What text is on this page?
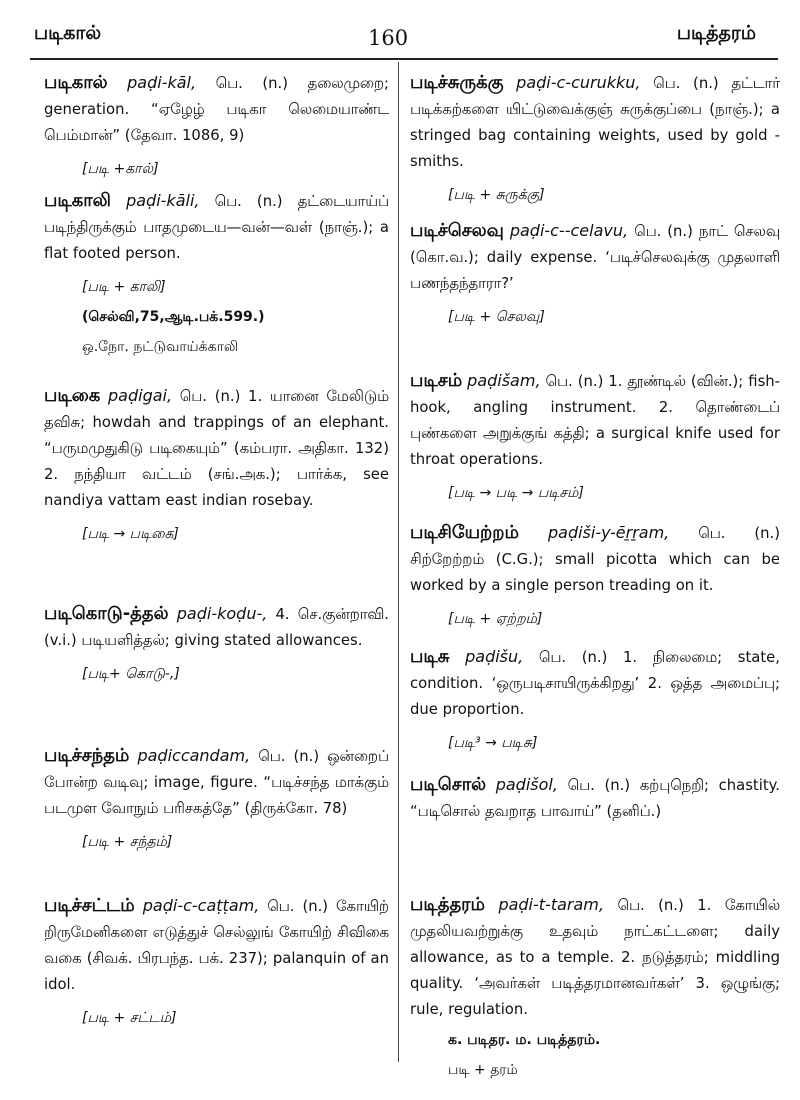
படிகால்	160	படித்தரம்
படிகால் paḍi-kāl, பெ. (n.) தலைமுறை; generation. “ஏழேழ் படிகா லெமையாண்ட பெம்மான்” (தேவா. 1086, 9)
[படி +கால்]
படிகாலி paḍi-kāli, பெ. (n.) தட்டையாய்ப் படிந்திருக்கும் பாதமுடைய—வன்—வள் (நாஞ்.); a flat footed person.
[படி + காலி]
(செல்வி,75,ஆடி.பக்.599.)
ஒ.நோ. நட்டுவாய்க்காலி
படிகை paḍigai, பெ. (n.) 1. யானை மேலிடும் தவிசு; howdah and trappings of an elephant. “பருமமுதுகிடு படிகையும்” (கம்பரா. அதிகா. 132) 2. நந்தியா வட்டம் (சங்.அக.); பார்க்க, see nandiya vattam east indian rosebay.
[படி → படிகை]
படிகொடு-த்தல் paḍi-koḍu-, 4. செ.குன்றாவி. (v.i.) படியளித்தல்; giving stated allowances.
[படி+ கொடு-,]
படிச்சந்தம் paḍiccandam, பெ. (n.) ஒன்றைப் போன்ற வடிவு; image, figure. “படிச்சந்த மாக்கும் படமுள வோநும் பரிசகத்தே” (திருக்கோ. 78)
[படி + சந்தம்]
படிச்சட்டம் paḍi-c-caṭṭam, பெ. (n.) கோயிற் றிருமேனிகளை எடுத்துச் செல்லுங் கோயிற் சிவிகை வகை (சிவக். பிரபந்த. பக். 237); palanquin of an idol.
[படி + சட்டம்]
படிச்சுருக்கு paḍi-c-curukku, பெ. (n.) தட்டார் படிக்கற்களை யிட்டுவைக்குஞ் சுருக்குப்பை (நாஞ்.); a stringed bag containing weights, used by gold - smiths.
[படி + சுருக்கு]
படிச்செலவு paḍi-c--celavu, பெ. (n.) நாட் செலவு (கொ.வ.); daily expense. ‘படிச்செலவுக்கு முதலாளி பணந்தந்தாரா?’
[படி + செலவு]
படிசம் paḍišam, பெ. (n.) 1. தூண்டில் (வின்.); fish-hook, angling instrument. 2. தொண்டைப் புண்களை அறுக்குங் கத்தி; a surgical knife used for throat operations.
[படி → படி → படிசம்]
படிசியேற்றம் paḍiši-y-ēṟṟam, பெ. (n.) சிற்றேற்றம் (C.G.); small picotta which can be worked by a single person treading on it.
[படி + ஏற்றம்]
படிசு paḍišu, பெ. (n.) 1. நிலைமை; state, condition. ‘ஒருபடிசாயிருக்கிறது’ 2. ஒத்த அமைப்பு; due proportion.
[படி³ → படிசு]
படிசொல் paḍišol, பெ. (n.) கற்புநெறி; chastity. “படிசொல் தவறாத பாவாய்” (தனிப்.)
படித்தரம் paḍi-t-taram, பெ. (n.) 1. கோயில் முதலியவற்றுக்கு உதவும் நாட்கட்டளை; daily allowance, as to a temple. 2. நடுத்தரம்; middling quality. ‘அவர்கள் படித்தரமானவர்கள்’ 3. ஒழுங்கு; rule, regulation.
க. படிதர. ம. படித்தரம்.
படி + தரம்
